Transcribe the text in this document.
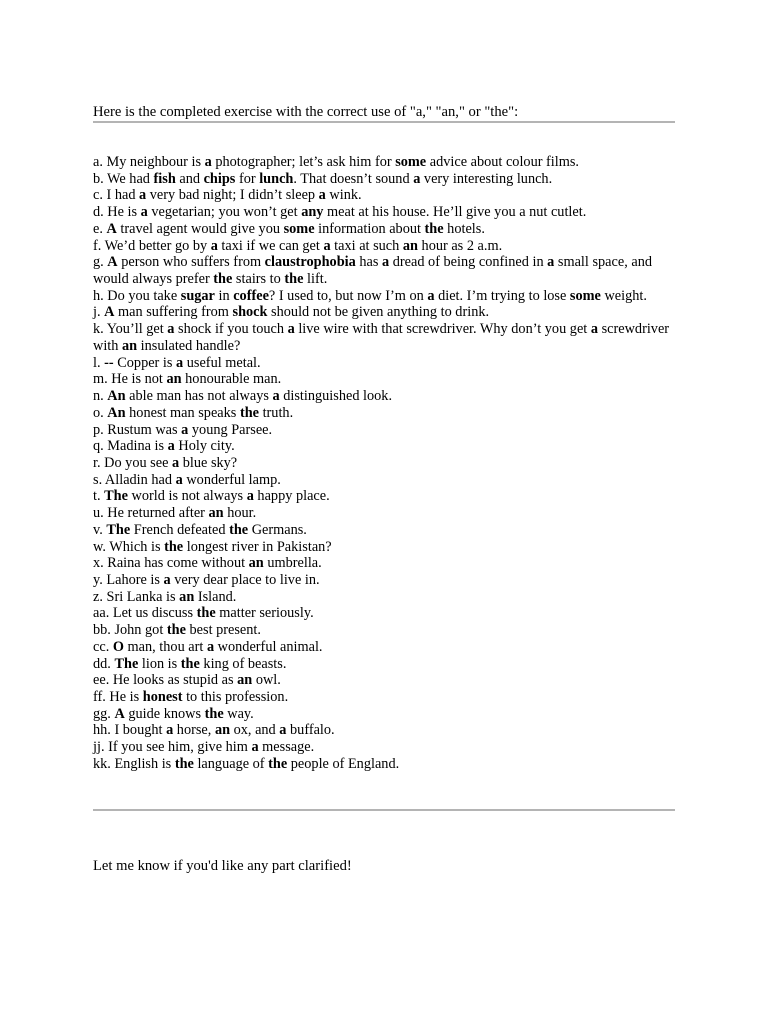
Here is the completed exercise with the correct use of "a," "an," or "the":

a. My neighbour is a photographer; let’s ask him for some advice about colour films.
b. We had fish and chips for lunch. That doesn’t sound a very interesting lunch.
c. I had a very bad night; I didn’t sleep a wink.
d. He is a vegetarian; you won’t get any meat at his house. He’ll give you a nut cutlet.
e. A travel agent would give you some information about the hotels.
f. We’d better go by a taxi if we can get a taxi at such an hour as 2 a.m.
g. A person who suffers from claustrophobia has a dread of being confined in a small space, and would always prefer the stairs to the lift.
h. Do you take sugar in coffee? I used to, but now I’m on a diet. I’m trying to lose some weight.
j. A man suffering from shock should not be given anything to drink.
k. You’ll get a shock if you touch a live wire with that screwdriver. Why don’t you get a screwdriver with an insulated handle?
l. -- Copper is a useful metal.
m. He is not an honourable man.
n. An able man has not always a distinguished look.
o. An honest man speaks the truth.
p. Rustum was a young Parsee.
q. Madina is a Holy city.
r. Do you see a blue sky?
s. Alladin had a wonderful lamp.
t. The world is not always a happy place.
u. He returned after an hour.
v. The French defeated the Germans.
w. Which is the longest river in Pakistan?
x. Raina has come without an umbrella.
y. Lahore is a very dear place to live in.
z. Sri Lanka is an Island.
aa. Let us discuss the matter seriously.
bb. John got the best present.
cc. O man, thou art a wonderful animal.
dd. The lion is the king of beasts.
ee. He looks as stupid as an owl.
ff. He is honest to this profession.
gg. A guide knows the way.
hh. I bought a horse, an ox, and a buffalo.
jj. If you see him, give him a message.
kk. English is the language of the people of England.

Let me know if you'd like any part clarified!
